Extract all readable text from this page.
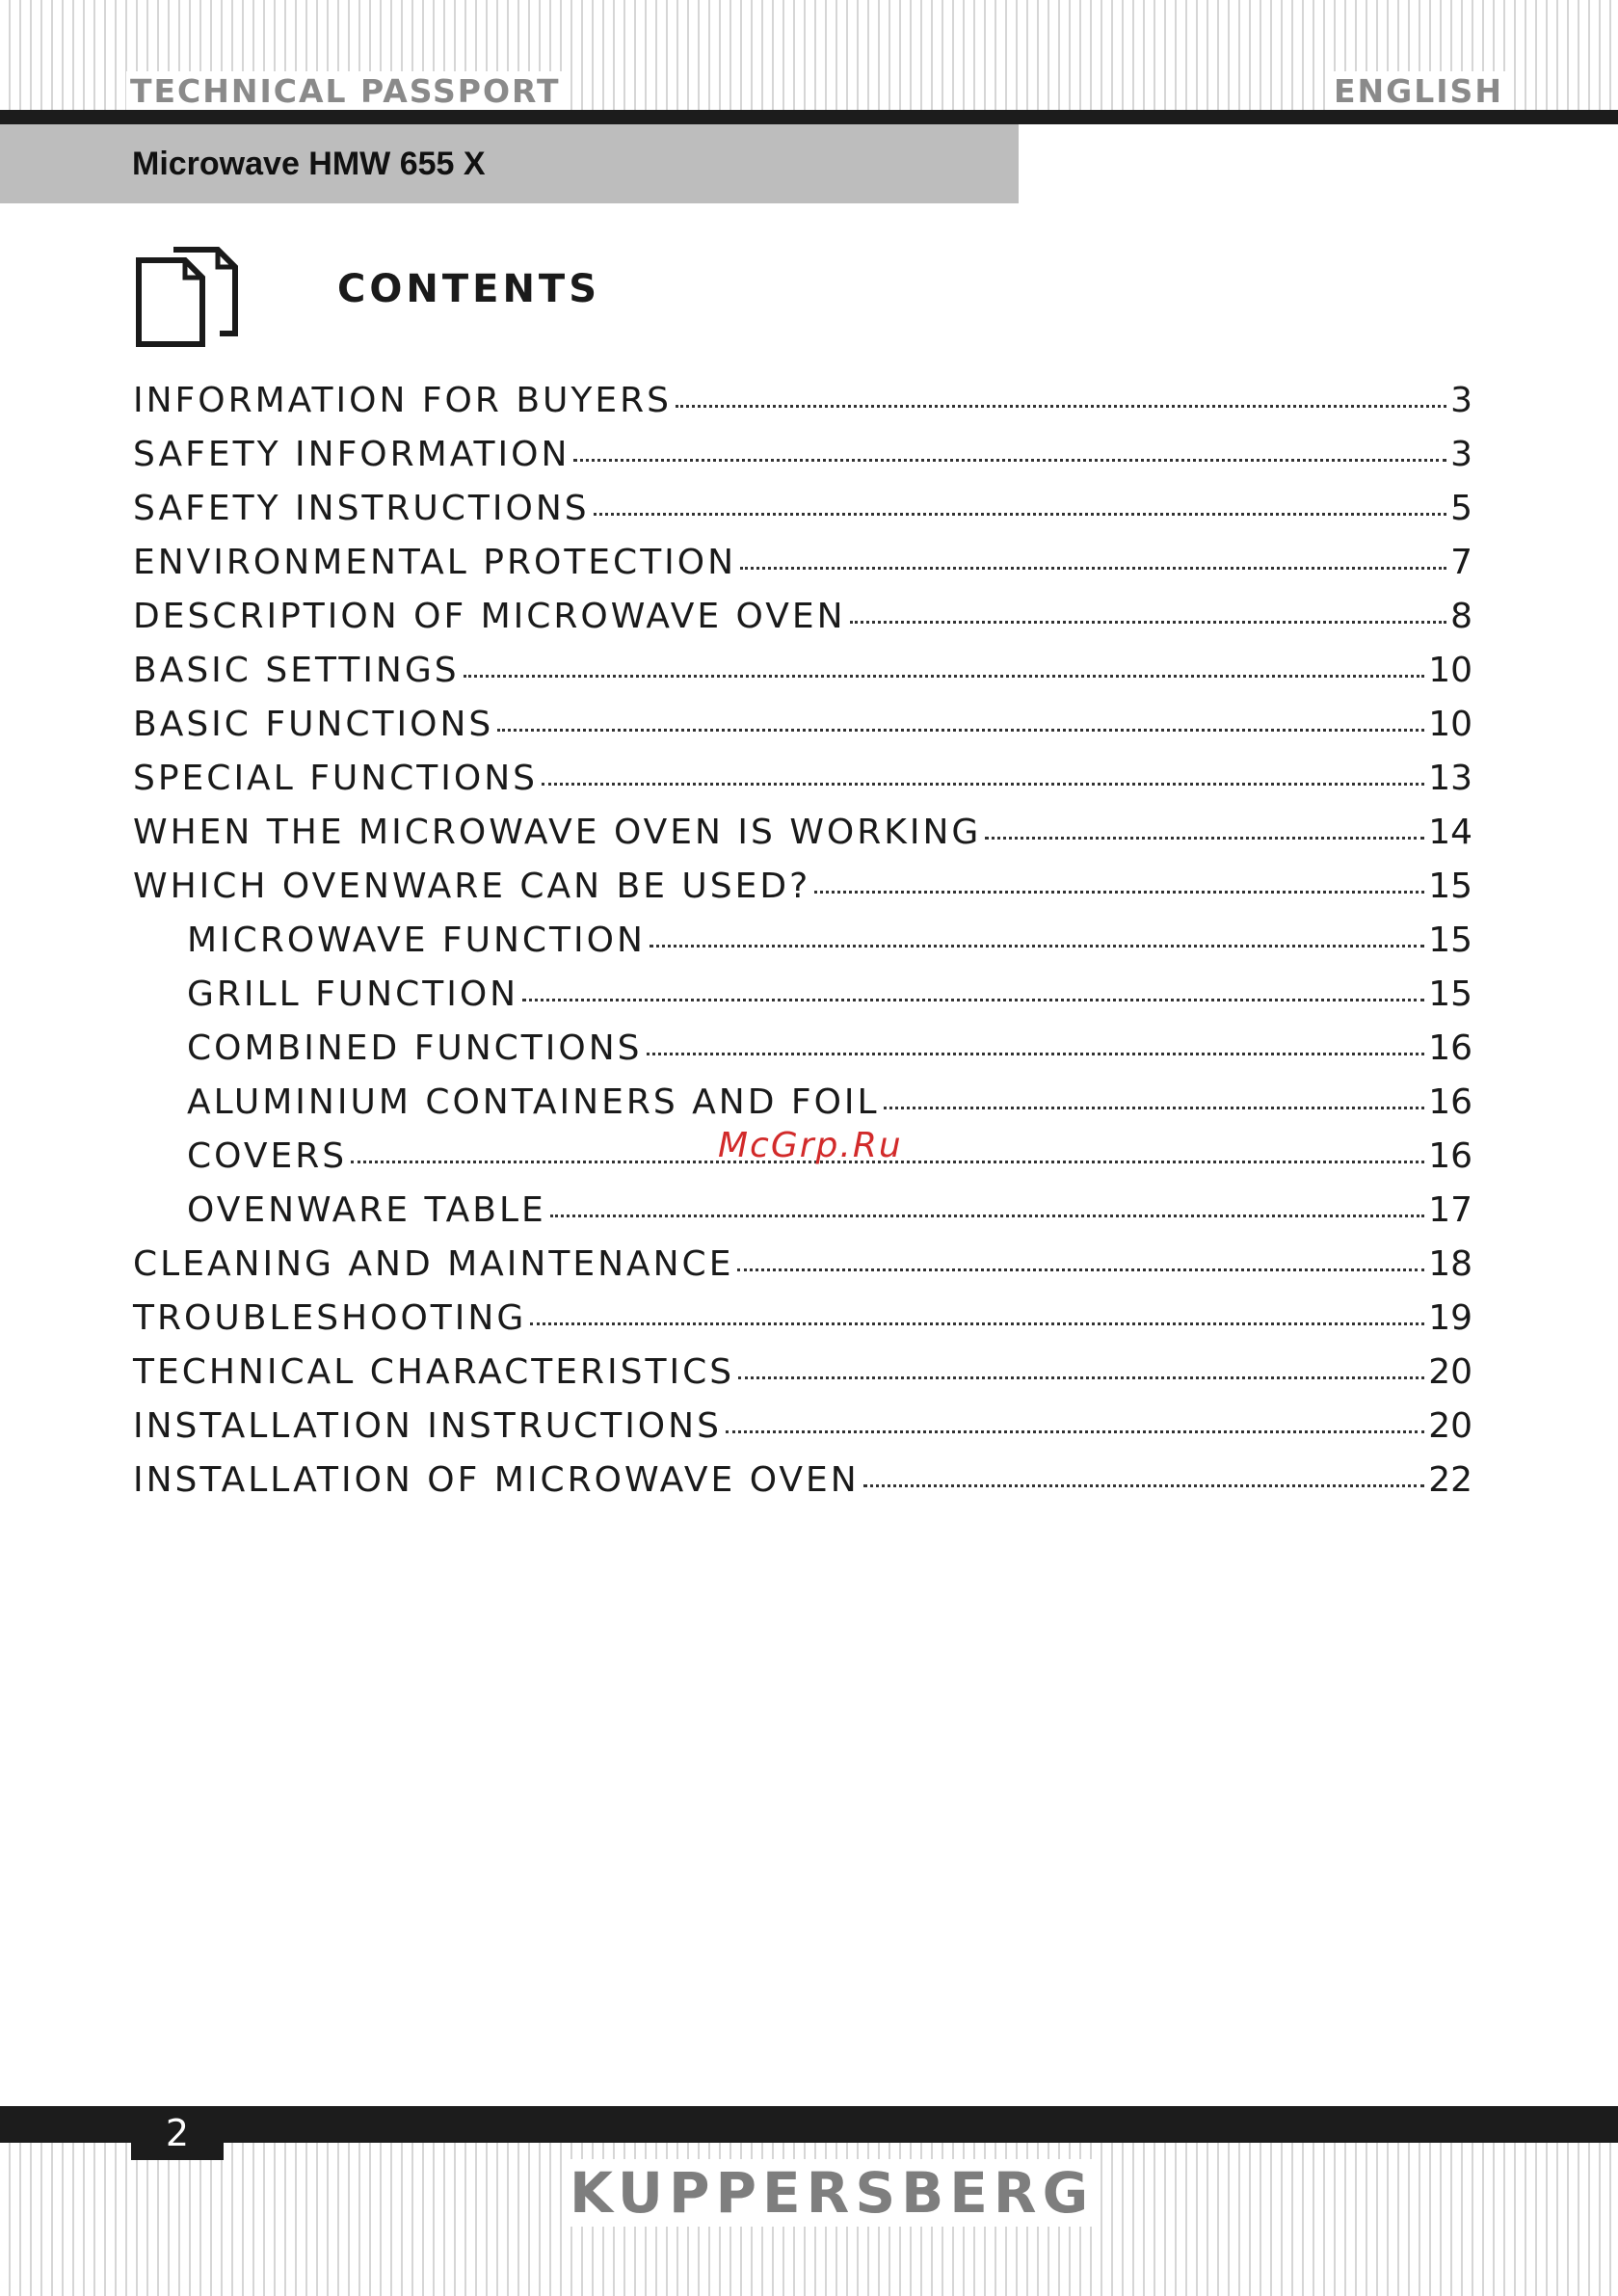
TECHNICAL PASSPORT	ENGLISH
Microwave HMW 655 X
CONTENTS
INFORMATION FOR BUYERS	3
SAFETY INFORMATION	3
SAFETY INSTRUCTIONS	5
ENVIRONMENTAL PROTECTION	7
DESCRIPTION OF MICROWAVE OVEN	8
BASIC SETTINGS	10
BASIC FUNCTIONS	10
SPECIAL FUNCTIONS	13
WHEN THE MICROWAVE OVEN IS WORKING	14
WHICH OVENWARE CAN BE USED?	15
MICROWAVE FUNCTION	15
GRILL FUNCTION	15
COMBINED FUNCTIONS	16
ALUMINIUM CONTAINERS AND FOIL	16
COVERS	16
OVENWARE TABLE	17
CLEANING AND MAINTENANCE	18
TROUBLESHOOTING	19
TECHNICAL CHARACTERISTICS	20
INSTALLATION INSTRUCTIONS	20
INSTALLATION OF MICROWAVE OVEN	22
McGrp.Ru
2
KUPPERSBERG
